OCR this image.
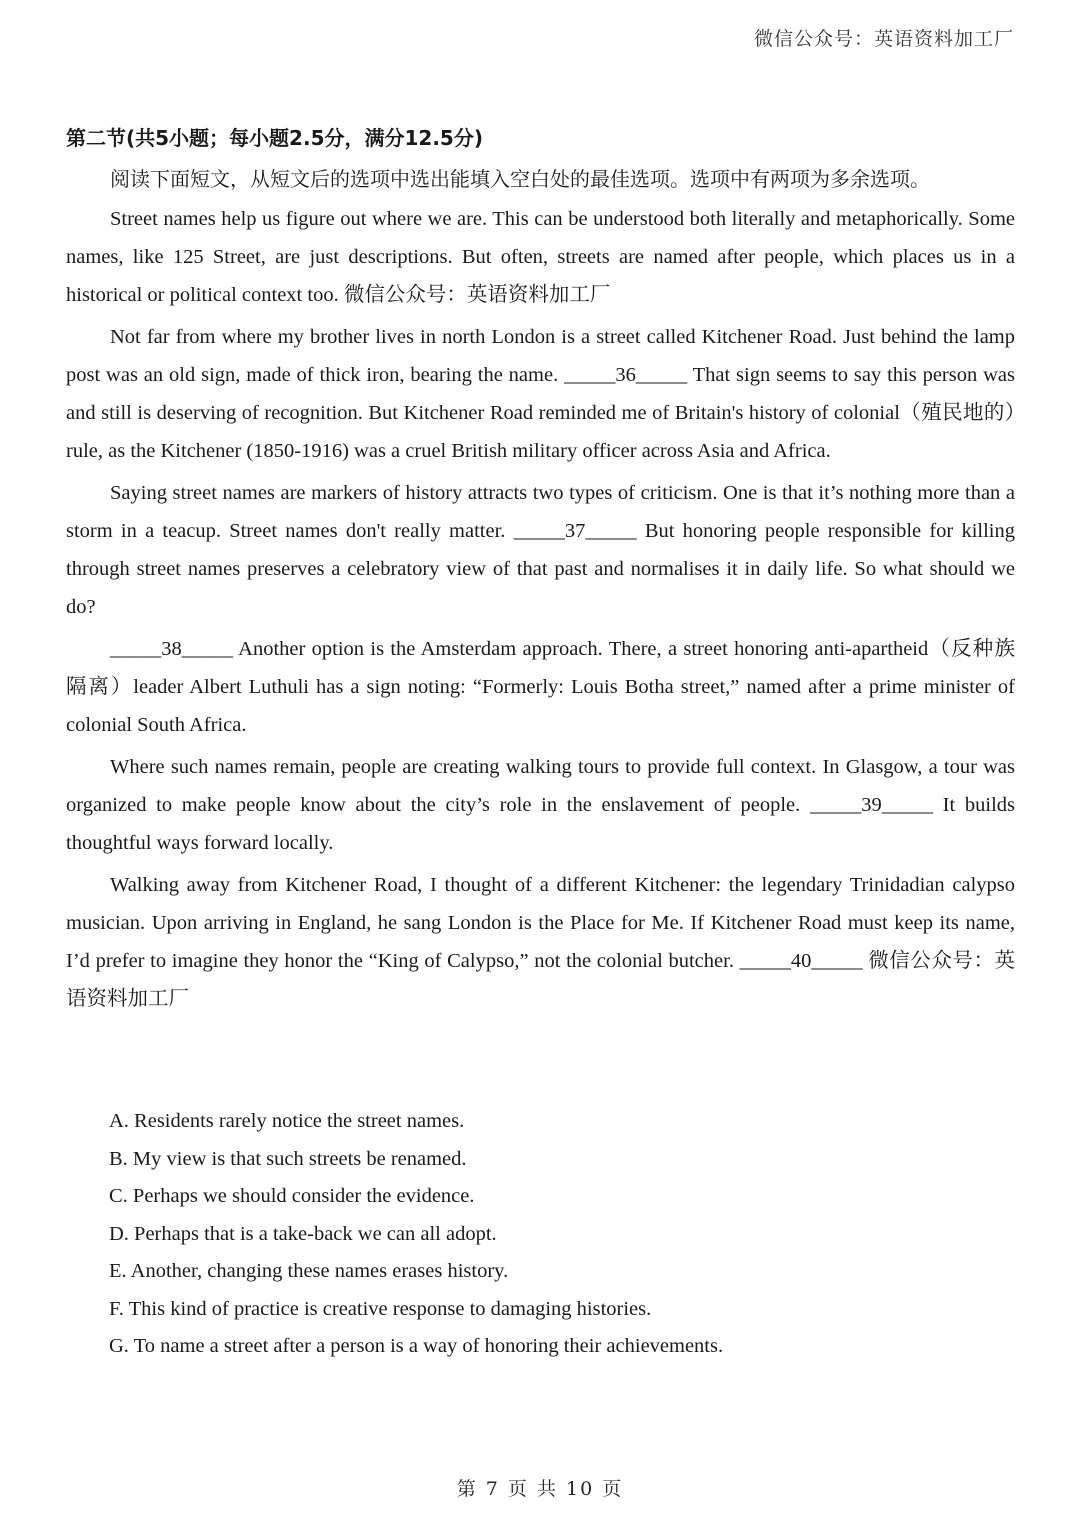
微信公众号：英语资料加工厂

第二节(共5小题；每小题2.5分，满分12.5分)

阅读下面短文，从短文后的选项中选出能填入空白处的最佳选项。选项中有两项为多余选项。

Street names help us figure out where we are. This can be understood both literally and metaphorically. Some names, like 125 Street, are just descriptions. But often, streets are named after people, which places us in a historical or political context too. 微信公众号：英语资料加工厂

Not far from where my brother lives in north London is a street called Kitchener Road. Just behind the lamp post was an old sign, made of thick iron, bearing the name. _____36_____ That sign seems to say this person was and still is deserving of recognition. But Kitchener Road reminded me of Britain's history of colonial（殖民地的）rule, as the Kitchener (1850-1916) was a cruel British military officer across Asia and Africa.

Saying street names are markers of history attracts two types of criticism. One is that it’s nothing more than a storm in a teacup. Street names don't really matter. _____37_____ But honoring people responsible for killing through street names preserves a celebratory view of that past and normalises it in daily life. So what should we do?

_____38_____ Another option is the Amsterdam approach. There, a street honoring anti-apartheid（反种族隔离）leader Albert Luthuli has a sign noting: “Formerly: Louis Botha street,” named after a prime minister of colonial South Africa.

Where such names remain, people are creating walking tours to provide full context. In Glasgow, a tour was organized to make people know about the city’s role in the enslavement of people. _____39_____ It builds thoughtful ways forward locally.

Walking away from Kitchener Road, I thought of a different Kitchener: the legendary Trinidadian calypso musician. Upon arriving in England, he sang London is the Place for Me. If Kitchener Road must keep its name, I’d prefer to imagine they honor the “King of Calypso,” not the colonial butcher. _____40_____ 微信公众号：英语资料加工厂

A. Residents rarely notice the street names.
B. My view is that such streets be renamed.
C. Perhaps we should consider the evidence.
D. Perhaps that is a take-back we can all adopt.
E. Another, changing these names erases history.
F. This kind of practice is creative response to damaging histories.
G. To name a street after a person is a way of honoring their achievements.
第 7 页 共 10 页
